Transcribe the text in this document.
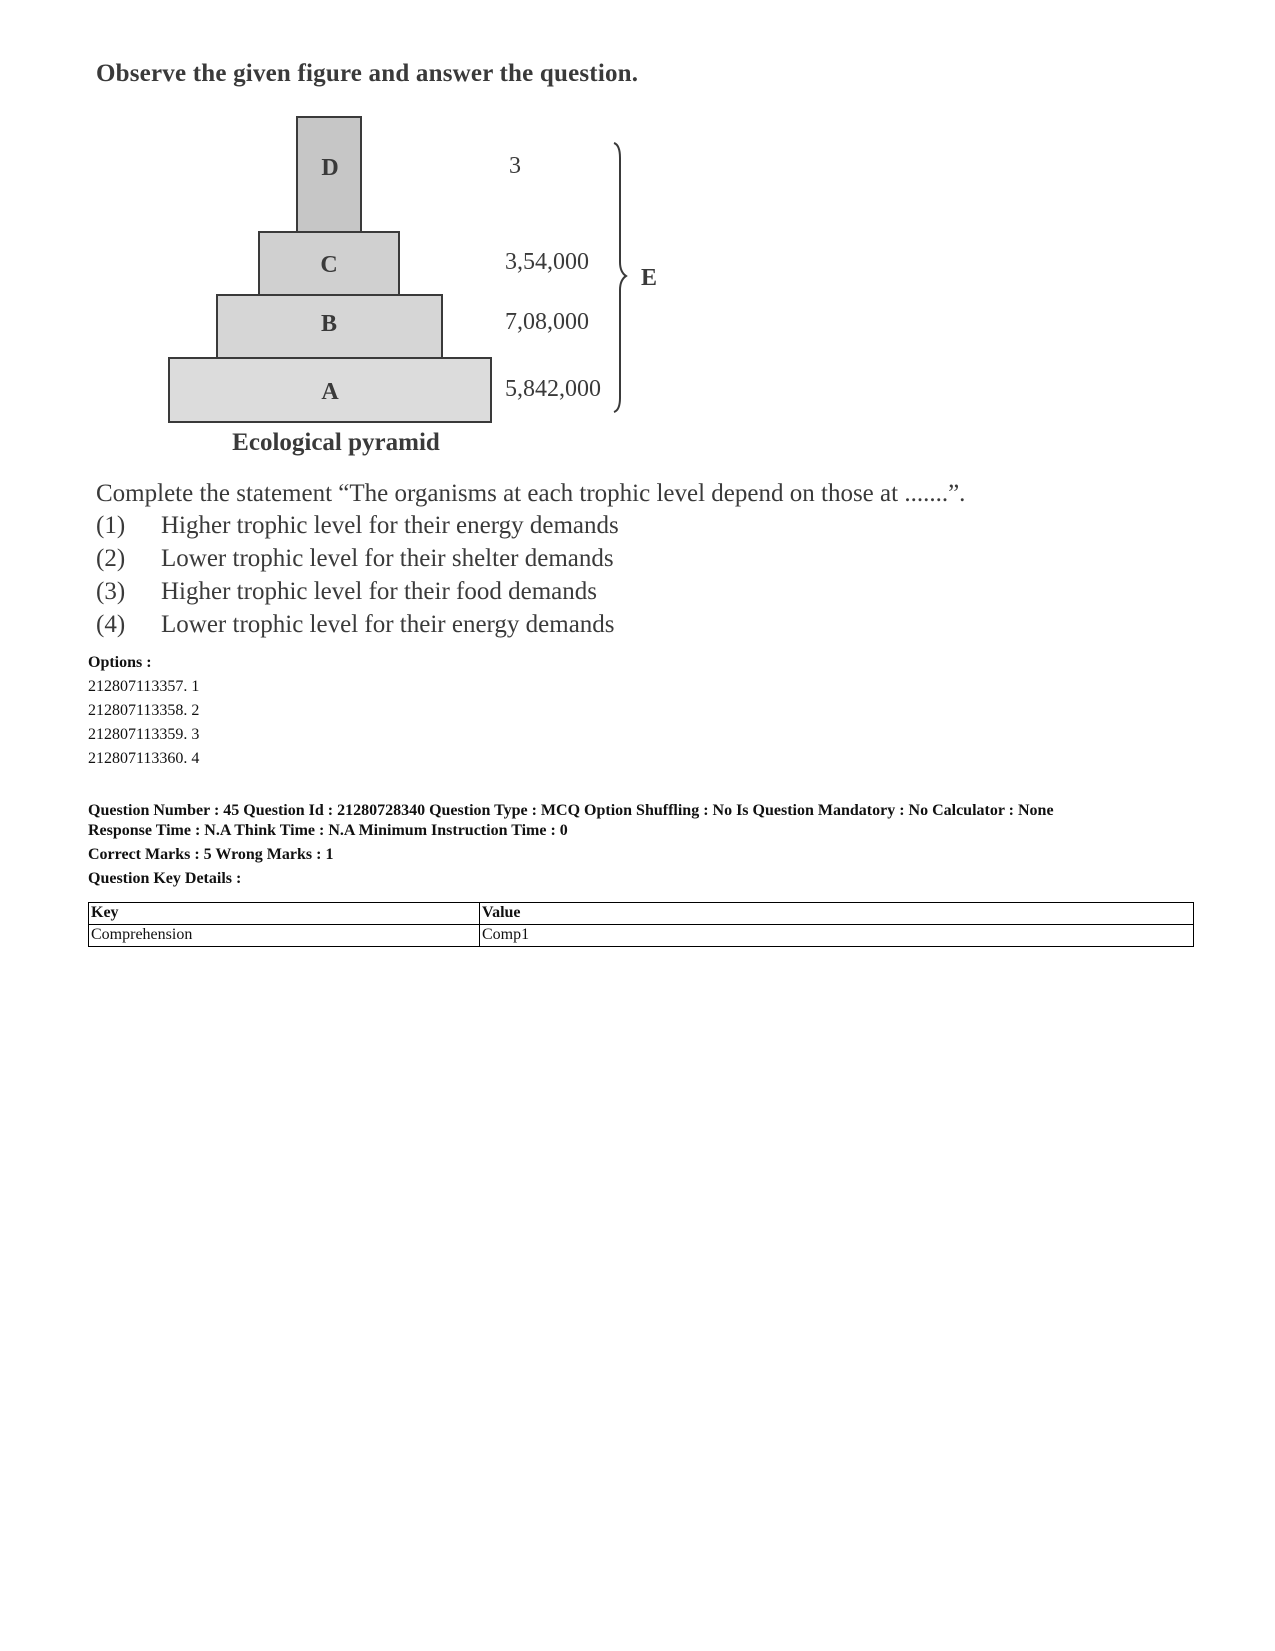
Observe the given figure and answer the question.
D
C
B
A
3
3,54,000
7,08,000
5,842,000
E
Ecological pyramid
Complete the statement “The organisms at each trophic level depend on those at .......”.
(1) Higher trophic level for their energy demands
(2) Lower trophic level for their shelter demands
(3) Higher trophic level for their food demands
(4) Lower trophic level for their energy demands
Options :
212807113357. 1
212807113358. 2
212807113359. 3
212807113360. 4
Question Number : 45 Question Id : 21280728340 Question Type : MCQ Option Shuffling : No Is Question Mandatory : No Calculator : None
Response Time : N.A Think Time : N.A Minimum Instruction Time : 0
Correct Marks : 5 Wrong Marks : 1
Question Key Details :
Key	Value
Comprehension	Comp1
